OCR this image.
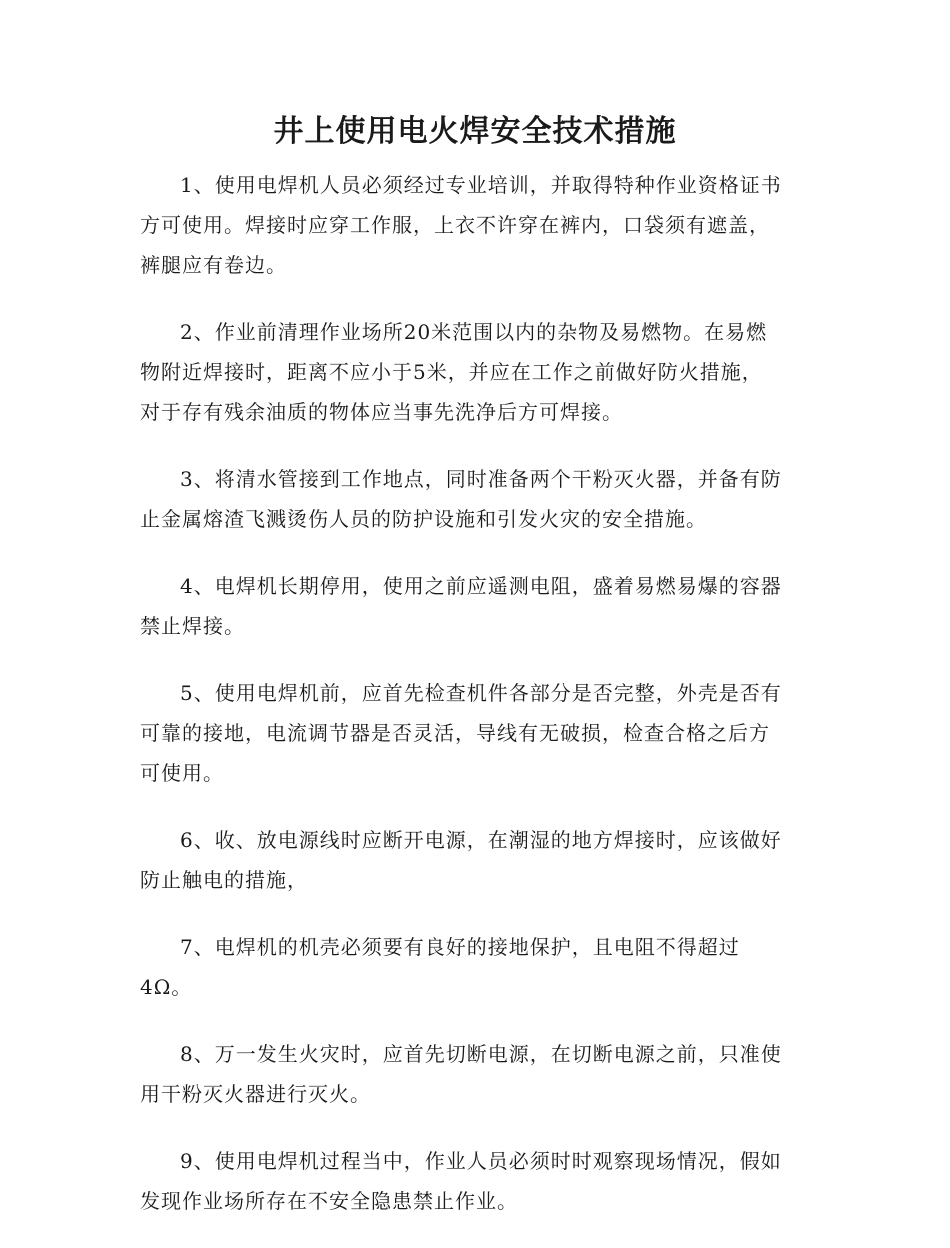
井上使用电火焊安全技术措施

1、使用电焊机人员必须经过专业培训，并取得特种作业资格证书
方可使用。焊接时应穿工作服，上衣不许穿在裤内，口袋须有遮盖，
裤腿应有卷边。

2、作业前清理作业场所20米范围以内的杂物及易燃物。在易燃
物附近焊接时，距离不应小于5米，并应在工作之前做好防火措施，
对于存有残余油质的物体应当事先洗净后方可焊接。

3、将清水管接到工作地点，同时准备两个干粉灭火器，并备有防
止金属熔渣飞溅烫伤人员的防护设施和引发火灾的安全措施。

4、电焊机长期停用，使用之前应遥测电阻，盛着易燃易爆的容器
禁止焊接。

5、使用电焊机前，应首先检查机件各部分是否完整，外壳是否有
可靠的接地，电流调节器是否灵活，导线有无破损，检查合格之后方
可使用。

6、收、放电源线时应断开电源，在潮湿的地方焊接时，应该做好
防止触电的措施，

7、电焊机的机壳必须要有良好的接地保护，且电阻不得超过
4Ω。

8、万一发生火灾时，应首先切断电源，在切断电源之前，只准使
用干粉灭火器进行灭火。

9、使用电焊机过程当中，作业人员必须时时观察现场情况，假如
发现作业场所存在不安全隐患禁止作业。
